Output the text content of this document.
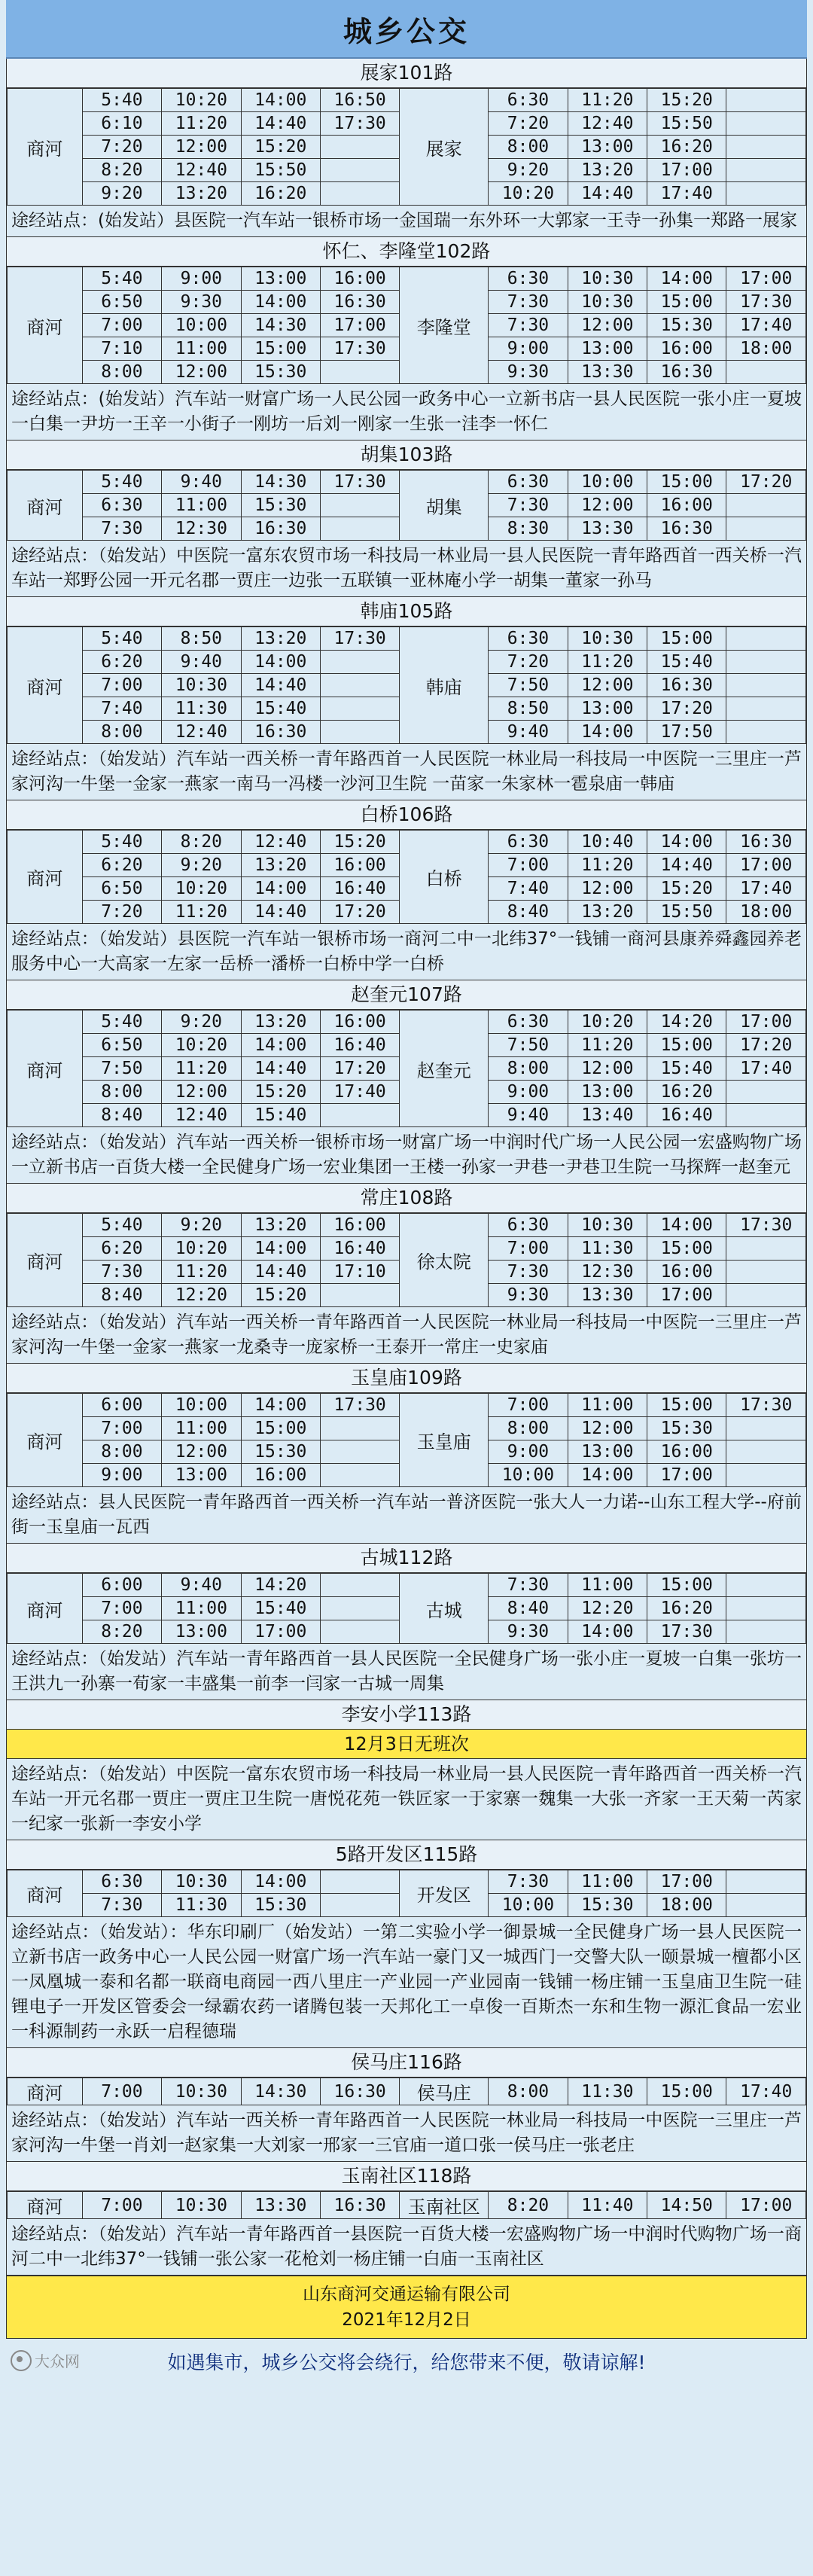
城乡公交
展家101路
商河	5:40	10:20	14:00	16:50	展家	6:30	11:20	15:20	
	6:10	11:20	14:40	17:30		7:20	12:40	15:50	
	7:20	12:00	15:20			8:00	13:00	16:20	
	8:20	12:40	15:50			9:20	13:20	17:00	
	9:20	13:20	16:20			10:20	14:40	17:40	
途经站点：(始发站）县医院一汽车站一银桥市场一金国瑞一东外环一大郭家一王寺一孙集一郑路一展家
怀仁、李隆堂102路
商河	5:40	9:00	13:00	16:00	李隆堂	6:30	10:30	14:00	17:00
	6:50	9:30	14:00	16:30		7:30	10:30	15:00	17:30
	7:00	10:00	14:30	17:00		7:30	12:00	15:30	17:40
	7:10	11:00	15:00	17:30		9:00	13:00	16:00	18:00
	8:00	12:00	15:30			9:30	13:30	16:30	
途经站点：(始发站）汽车站一财富广场一人民公园一政务中心一立新书店一县人民医院一张小庄一夏坡一白集一尹坊一王辛一小街子一刚坊一后刘一刚家一生张一洼李一怀仁
胡集103路
商河	5:40	9:40	14:30	17:30	胡集	6:30	10:00	15:00	17:20
	6:30	11:00	15:30			7:30	12:00	16:00	
	7:30	12:30	16:30			8:30	13:30	16:30	
途经站点：（始发站）中医院一富东农贸市场一科技局一林业局一县人民医院一青年路西首一西关桥一汽车站一郑野公园一开元名郡一贾庄一边张一五联镇一亚林庵小学一胡集一董家一孙马
韩庙105路
商河	5:40	8:50	13:20	17:30	韩庙	6:30	10:30	15:00	
	6:20	9:40	14:00			7:20	11:20	15:40	
	7:00	10:30	14:40			7:50	12:00	16:30	
	7:40	11:30	15:40			8:50	13:00	17:20	
	8:00	12:40	16:30			9:40	14:00	17:50	
途经站点：（始发站）汽车站一西关桥一青年路西首一人民医院一林业局一科技局一中医院一三里庄一芦家河沟一牛堡一金家一燕家一南马一冯楼一沙河卫生院 一苗家一朱家林一雹泉庙一韩庙
白桥106路
商河	5:40	8:20	12:40	15:20	白桥	6:30	10:40	14:00	16:30
	6:20	9:20	13:20	16:00		7:00	11:20	14:40	17:00
	6:50	10:20	14:00	16:40		7:40	12:00	15:20	17:40
	7:20	11:20	14:40	17:20		8:40	13:20	15:50	18:00
途经站点：（始发站）县医院一汽车站一银桥市场一商河二中一北纬37°一钱铺一商河县康养舜鑫园养老服务中心一大高家一左家一岳桥一潘桥一白桥中学一白桥
赵奎元107路
商河	5:40	9:20	13:20	16:00	赵奎元	6:30	10:20	14:20	17:00
	6:50	10:20	14:00	16:40		7:50	11:20	15:00	17:20
	7:50	11:20	14:40	17:20		8:00	12:00	15:40	17:40
	8:00	12:00	15:20	17:40		9:00	13:00	16:20	
	8:40	12:40	15:40			9:40	13:40	16:40	
途经站点：（始发站）汽车站一西关桥一银桥市场一财富广场一中润时代广场一人民公园一宏盛购物广场一立新书店一百货大楼一全民健身广场一宏业集团一王楼一孙家一尹巷一尹巷卫生院一马探辉一赵奎元
常庄108路
商河	5:40	9:20	13:20	16:00	徐太院	6:30	10:30	14:00	17:30
	6:20	10:20	14:00	16:40		7:00	11:30	15:00	
	7:30	11:20	14:40	17:10		7:30	12:30	16:00	
	8:40	12:20	15:20			9:30	13:30	17:00	
途经站点：（始发站）汽车站一西关桥一青年路西首一人民医院一林业局一科技局一中医院一三里庄一芦家河沟一牛堡一金家一燕家一龙桑寺一庞家桥一王泰开一常庄一史家庙
玉皇庙109路
商河	6:00	10:00	14:00	17:30	玉皇庙	7:00	11:00	15:00	17:30
	7:00	11:00	15:00			8:00	12:00	15:30	
	8:00	12:00	15:30			9:00	13:00	16:00	
	9:00	13:00	16:00			10:00	14:00	17:00	
途经站点：县人民医院一青年路西首一西关桥一汽车站一普济医院一张大人一力诺--山东工程大学--府前街一玉皇庙一瓦西
古城112路
商河	6:00	9:40	14:20		古城	7:30	11:00	15:00	
	7:00	11:00	15:40			8:40	12:20	16:20	
	8:20	13:00	17:00			9:30	14:00	17:30	
途经站点：（始发站）汽车站一青年路西首一县人民医院一全民健身广场一张小庄一夏坡一白集一张坊一王洪九一孙寨一荀家一丰盛集一前李一闫家一古城一周集
李安小学113路
12月3日无班次
途经站点：（始发站）中医院一富东农贸市场一科技局一林业局一县人民医院一青年路西首一西关桥一汽车站一开元名郡一贾庄一贾庄卫生院一唐悦花苑一铁匠家一于家寨一魏集一大张一齐家一王天菊一芮家一纪家一张新一李安小学
5路开发区115路
商河	6:30	10:30	14:00		开发区	7:30	11:00	17:00	
	7:30	11:30	15:30			10:00	15:30	18:00	
途经站点：（始发站）：华东印刷厂（始发站）一第二实验小学一御景城一全民健身广场一县人民医院一立新书店一政务中心一人民公园一财富广场一汽车站一豪门又一城西门一交警大队一颐景城一檀都小区一凤凰城一泰和名都一联商电商园一西八里庄一产业园一产业园南一钱铺一杨庄铺一玉皇庙卫生院一硅锂电子一开发区管委会一绿霸农药一诸腾包装一天邦化工一卓俊一百斯杰一东和生物一源汇食品一宏业一科源制药一永跃一启程德瑞
侯马庄116路
商河	7:00	10:30	14:30	16:30	侯马庄	8:00	11:30	15:00	17:40
途经站点：（始发站）汽车站一西关桥一青年路西首一人民医院一林业局一科技局一中医院一三里庄一芦家河沟一牛堡一肖刘一赵家集一大刘家一邢家一三官庙一道口张一侯马庄一张老庄
玉南社区118路
商河	7:00	10:30	13:30	16:30	玉南社区	8:20	11:40	14:50	17:00
途经站点：（始发站）汽车站一青年路西首一县医院一百货大楼一宏盛购物广场一中润时代购物广场一商河二中一北纬37°一钱铺一张公家一花枪刘一杨庄铺一白庙一玉南社区
山东商河交通运输有限公司
2021年12月2日
大众网	如遇集市，城乡公交将会绕行，给您带来不便，敬请谅解!
